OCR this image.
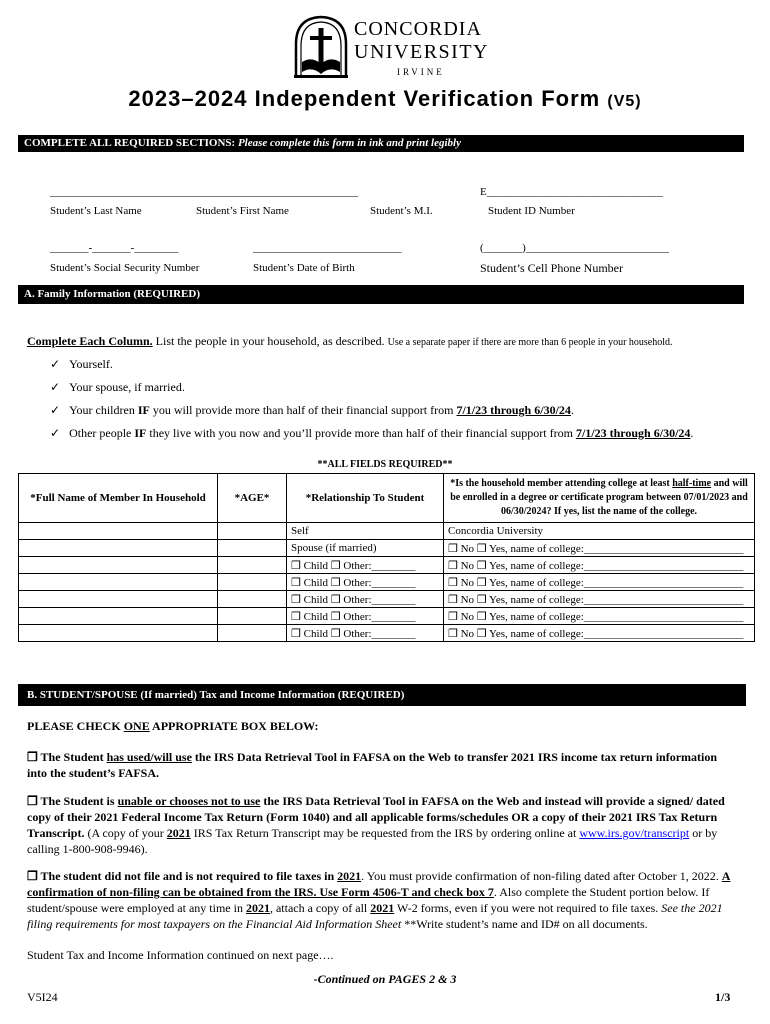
CONCORDIA
UNIVERSITY
IRVINE
2023–2024 Independent Verification Form (V5)
COMPLETE ALL REQUIRED SECTIONS: Please complete this form in ink and print legibly
________________________________________________________	E________________________________
Student’s Last Name	Student’s First Name	Student’s M.I.	Student ID Number
_______-_______-________	___________________________	(_______)__________________________
Student’s Social Security Number	Student’s Date of Birth	Student’s Cell Phone Number
A. Family Information (REQUIRED)
Complete Each Column. List the people in your household, as described. Use a separate paper if there are more than 6 people in your household.
✓ Yourself.
✓ Your spouse, if married.
✓ Your children IF you will provide more than half of their financial support from 7/1/23 through 6/30/24.
✓ Other people IF they live with you now and you’ll provide more than half of their financial support from 7/1/23 through 6/30/24.
**ALL FIELDS REQUIRED**
*Full Name of Member In Household	*AGE*	*Relationship To Student	*Is the household member attending college at least half-time and will be enrolled in a degree or certificate program between 07/01/2023 and 06/30/2024? If yes, list the name of the college.
		Self	Concordia University
		Spouse (if married)	❒ No ❒ Yes, name of college:_____________________________
		❒ Child ❒ Other:________	❒ No ❒ Yes, name of college:_____________________________
		❒ Child ❒ Other:________	❒ No ❒ Yes, name of college:_____________________________
		❒ Child ❒ Other:________	❒ No ❒ Yes, name of college:_____________________________
		❒ Child ❒ Other:________	❒ No ❒ Yes, name of college:_____________________________
		❒ Child ❒ Other:________	❒ No ❒ Yes, name of college:_____________________________
B. STUDENT/SPOUSE (If married) Tax and Income Information (REQUIRED)
PLEASE CHECK ONE APPROPRIATE BOX BELOW:
❒ The Student has used/will use the IRS Data Retrieval Tool in FAFSA on the Web to transfer 2021 IRS income tax return information into the student’s FAFSA.
❒ The Student is unable or chooses not to use the IRS Data Retrieval Tool in FAFSA on the Web and instead will provide a signed/ dated copy of their 2021 Federal Income Tax Return (Form 1040) and all applicable forms/schedules OR a copy of their 2021 IRS Tax Return Transcript. (A copy of your 2021 IRS Tax Return Transcript may be requested from the IRS by ordering online at www.irs.gov/transcript or by calling 1-800-908-9946).
❒ The student did not file and is not required to file taxes in 2021. You must provide confirmation of non-filing dated after October 1, 2022. A confirmation of non-filing can be obtained from the IRS. Use Form 4506-T and check box 7. Also complete the Student portion below. If student/spouse were employed at any time in 2021, attach a copy of all 2021 W-2 forms, even if you were not required to file taxes. See the 2021 filing requirements for most taxpayers on the Financial Aid Information Sheet **Write student’s name and ID# on all documents.
Student Tax and Income Information continued on next page….
-Continued on PAGES 2 & 3
V5I24	1/3
